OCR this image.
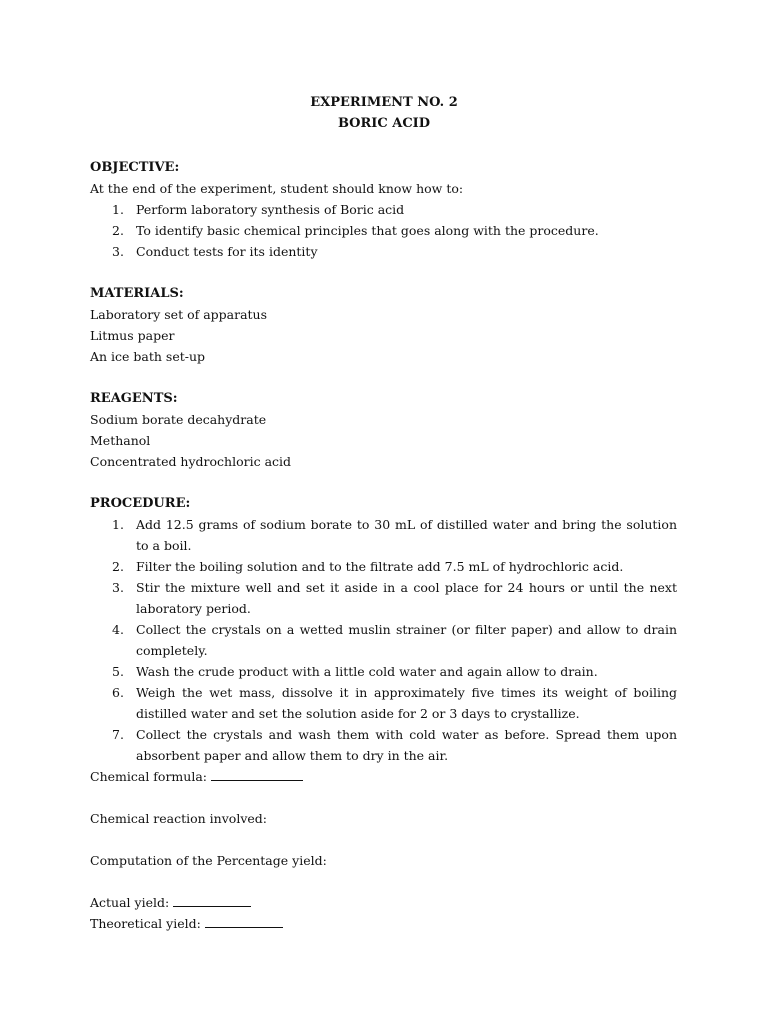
EXPERIMENT NO. 2
BORIC ACID
OBJECTIVE:
At the end of the experiment, student should know how to:
1. Perform laboratory synthesis of Boric acid
2. To identify basic chemical principles that goes along with the procedure.
3. Conduct tests for its identity
MATERIALS:
Laboratory set of apparatus
Litmus paper
An ice bath set-up
REAGENTS:
Sodium borate decahydrate
Methanol
Concentrated hydrochloric acid
PROCEDURE:
1. Add 12.5 grams of sodium borate to 30 mL of distilled water and bring the solution to a boil.
2. Filter the boiling solution and to the filtrate add 7.5 mL of hydrochloric acid.
3. Stir the mixture well and set it aside in a cool place for 24 hours or until the next laboratory period.
4. Collect the crystals on a wetted muslin strainer (or filter paper) and allow to drain completely.
5. Wash the crude product with a little cold water and again allow to drain.
6. Weigh the wet mass, dissolve it in approximately five times its weight of boiling distilled water and set the solution aside for 2 or 3 days to crystallize.
7. Collect the crystals and wash them with cold water as before. Spread them upon absorbent paper and allow them to dry in the air.
Chemical formula:
Chemical reaction involved:
Computation of the Percentage yield:
Actual yield:
Theoretical yield:
